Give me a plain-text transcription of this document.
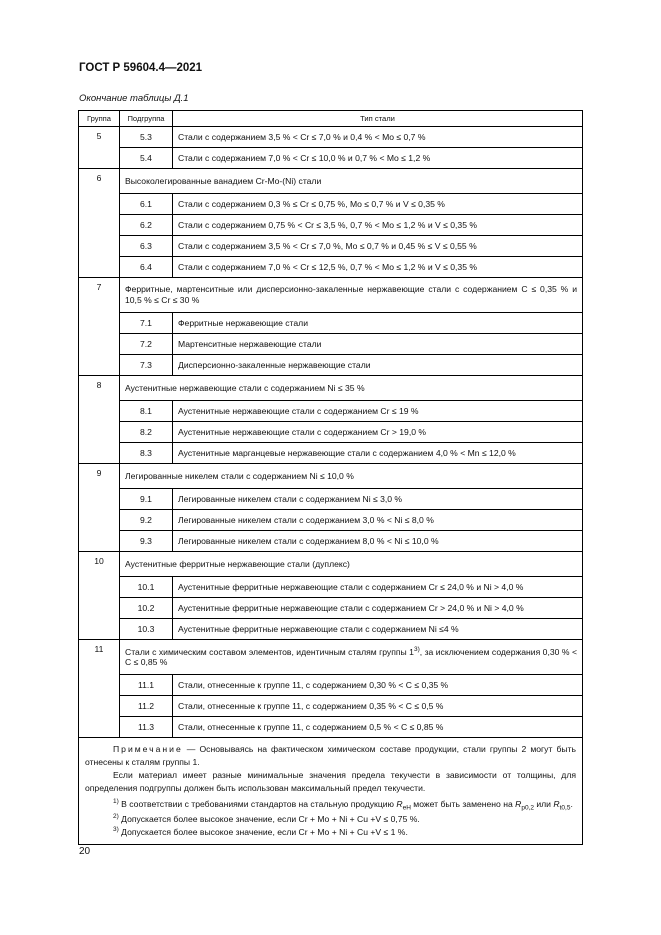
ГОСТ Р 59604.4—2021
Окончание таблицы Д.1
Группа	Подгруппа	Тип стали
5	5.3	Стали с содержанием 3,5 % < Cr ≤ 7,0 % и 0,4 % < Mo ≤ 0,7 %
	5.4	Стали с содержанием 7,0 % < Cr ≤ 10,0 % и 0,7 % < Mo ≤ 1,2 %
6	Высоколегированные ванадием Cr-Mo-(Ni) стали	
	6.1	Стали с содержанием 0,3 % ≤ Cr ≤ 0,75 %, Mo ≤ 0,7 % и V ≤ 0,35 %
	6.2	Стали с содержанием 0,75 % < Cr ≤ 3,5 %, 0,7 % < Mo ≤ 1,2 % и V ≤ 0,35 %
	6.3	Стали с содержанием 3,5 % < Cr ≤ 7,0 %, Mo ≤ 0,7 % и 0,45 % ≤ V ≤ 0,55 %
	6.4	Стали с содержанием 7,0 % < Cr ≤ 12,5 %, 0,7 % < Mo ≤ 1,2 % и V ≤ 0,35 %
7	Ферритные, мартенситные или дисперсионно-закаленные нержавеющие стали с содержанием C ≤ 0,35 % и 10,5 % ≤ Cr ≤ 30 %	
	7.1	Ферритные нержавеющие стали
	7.2	Мартенситные нержавеющие стали
	7.3	Дисперсионно-закаленные нержавеющие стали
8	Аустенитные нержавеющие стали с содержанием Ni ≤ 35 %	
	8.1	Аустенитные нержавеющие стали с содержанием Cr ≤ 19 %
	8.2	Аустенитные нержавеющие стали с содержанием Cr > 19,0 %
	8.3	Аустенитные марганцевые нержавеющие стали с содержанием 4,0 % < Mn ≤ 12,0 %
9	Легированные никелем стали с содержанием Ni ≤ 10,0 %	
	9.1	Легированные никелем стали с содержанием Ni ≤ 3,0 %
	9.2	Легированные никелем стали с содержанием 3,0 % < Ni ≤ 8,0 %
	9.3	Легированные никелем стали с содержанием 8,0 % < Ni ≤ 10,0 %
10	Аустенитные ферритные нержавеющие стали (дуплекс)	
	10.1	Аустенитные ферритные нержавеющие стали с содержанием Cr ≤ 24,0 % и Ni > 4,0 %
	10.2	Аустенитные ферритные нержавеющие стали с содержанием Cr > 24,0 % и Ni > 4,0 %
	10.3	Аустенитные ферритные нержавеющие стали с содержанием Ni ≤4 %
11	Стали с химическим составом элементов, идентичным сталям группы 1$^{3)}$, за исключением содержания 0,30 % < C ≤ 0,85 %	
	11.1	Стали, отнесенные к группе 11, с содержанием 0,30 % < C ≤ 0,35 %
	11.2	Стали, отнесенные к группе 11, с содержанием 0,35 % < C ≤ 0,5 %
	11.3	Стали, отнесенные к группе 11, с содержанием 0,5 % < C ≤ 0,85 %

Примечание — Основываясь на фактическом химическом составе продукции, стали группы 2 могут быть отнесены к сталям группы 1.

Если материал имеет разные минимальные значения предела текучести в зависимости от толщины, для определения подгруппы должен быть использован максимальный предел текучести.

$^{1)}$ В соответствии с требованиями стандартов на стальную продукцию $R_{eH}$ может быть заменено на $R_{p0,2}$ или $R_{t0,5}$.

$^{2)}$ Допускается более высокое значение, если Cr + Mo + Ni + Cu +V ≤ 0,75 %.

$^{3)}$ Допускается более высокое значение, если Cr + Mo + Ni + Cu +V ≤ 1 %.		

20
